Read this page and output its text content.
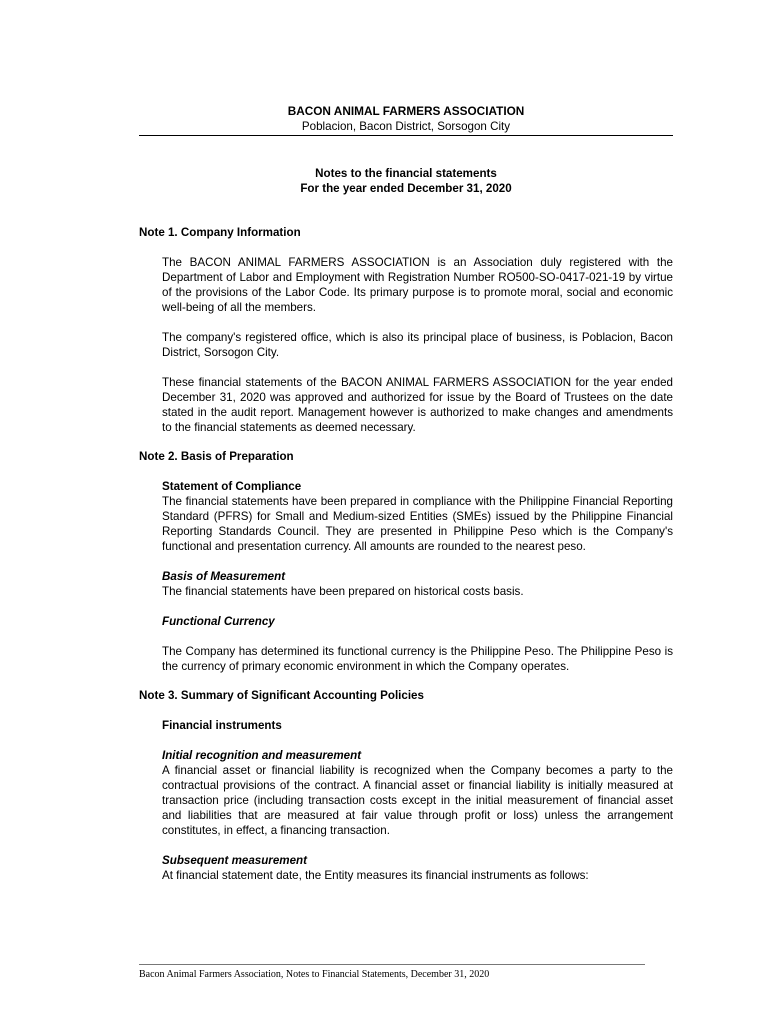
BACON ANIMAL FARMERS ASSOCIATION
Poblacion, Bacon District, Sorsogon City
Notes to the financial statements
For the year ended December 31, 2020
Note 1. Company Information

The BACON ANIMAL FARMERS ASSOCIATION is an Association duly registered with the Department of Labor and Employment with Registration Number RO500-SO-0417-021-19 by virtue of the provisions of the Labor Code. Its primary purpose is to promote moral, social and economic well-being of all the members.

The company's registered office, which is also its principal place of business, is Poblacion, Bacon District, Sorsogon City.

These financial statements of the BACON ANIMAL FARMERS ASSOCIATION for the year ended December 31, 2020 was approved and authorized for issue by the Board of Trustees on the date stated in the audit report. Management however is authorized to make changes and amendments to the financial statements as deemed necessary.

Note 2. Basis of Preparation
Statement of Compliance

The financial statements have been prepared in compliance with the Philippine Financial Reporting Standard (PFRS) for Small and Medium-sized Entities (SMEs) issued by the Philippine Financial Reporting Standards Council. They are presented in Philippine Peso which is the Company's functional and presentation currency. All amounts are rounded to the nearest peso.

Basis of Measurement

The financial statements have been prepared on historical costs basis.

Functional Currency

The Company has determined its functional currency is the Philippine Peso. The Philippine Peso is the currency of primary economic environment in which the Company operates.

Note 3. Summary of Significant Accounting Policies
Financial instruments
Initial recognition and measurement

A financial asset or financial liability is recognized when the Company becomes a party to the contractual provisions of the contract. A financial asset or financial liability is initially measured at transaction price (including transaction costs except in the initial measurement of financial asset and liabilities that are measured at fair value through profit or loss) unless the arrangement constitutes, in effect, a financing transaction.

Subsequent measurement

At financial statement date, the Entity measures its financial instruments as follows:

Bacon Animal Farmers Association, Notes to Financial Statements, December 31, 2020
